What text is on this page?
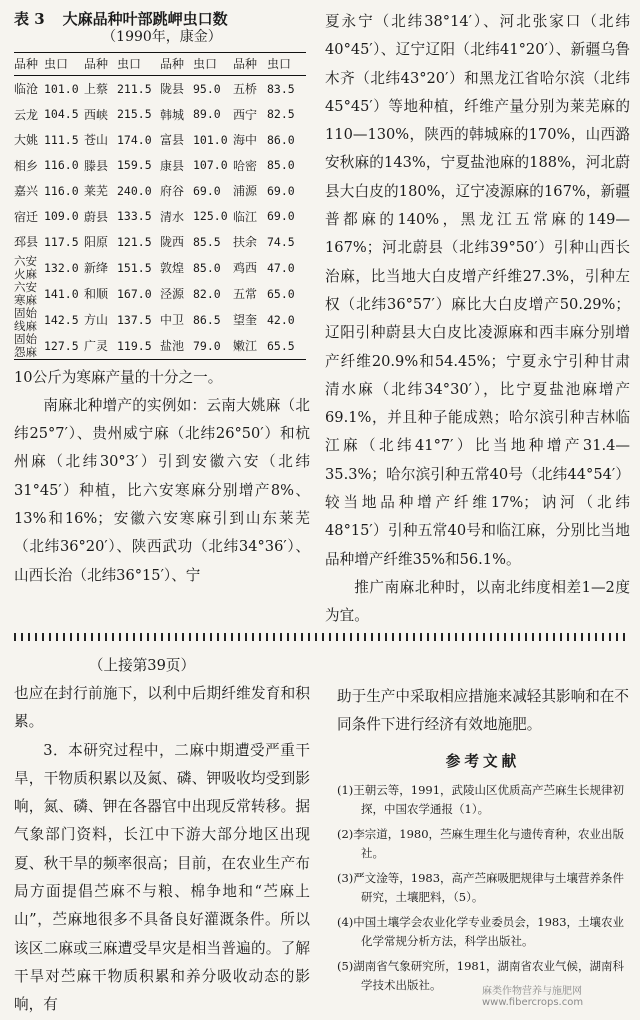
表 3 大麻品种叶部跳岬虫口数
（1990年，康金）
品种	虫口	品种	虫口	品种	虫口	品种	虫口
临沧	101.0	上蔡	211.5	陇县	95.0	五桥	83.5
云龙	104.5	西峡	215.5	韩城	89.0	西宁	82.5
大姚	111.5	苍山	174.0	富县	101.0	海中	86.0
相乡	116.0	滕县	159.5	康县	107.0	哈密	85.0
嘉兴	116.0	莱芜	240.0	府谷	69.0	浦源	69.0
宿迁	109.0	蔚县	133.5	清水	125.0	临江	69.0
邳县	117.5	阳原	121.5	陇西	85.5	扶余	74.5
六安
火麻	132.0	新绛	151.5	敦煌	85.0	鸡西	47.0
六安
寒麻	141.0	和顺	167.0	泾源	82.0	五常	65.0
固始
线麻	142.5	方山	137.5	中卫	86.5	望奎	42.0
固始
怨麻	127.5	广灵	119.5	盐池	79.0	嫩江	65.5

10公斤为寒麻产量的十分之一。

南麻北种增产的实例如：云南大姚麻（北纬25°7′）、贵州威宁麻（北纬26°50′）和杭州麻（北纬30°3′）引到安徽六安（北纬31°45′）种植，比六安寒麻分别增产8%、13%和16%；安徽六安寒麻引到山东莱芜（北纬36°20′）、陕西武功（北纬34°36′）、山西长治（北纬36°15′）、宁

夏永宁（北纬38°14′）、河北张家口（北纬40°45′）、辽宁辽阳（北纬41°20′）、新疆乌鲁木齐（北纬43°20′）和黑龙江省哈尔滨（北纬45°45′）等地种植，纤维产量分别为莱芜麻的110—130%，陕西的韩城麻的170%，山西潞安秋麻的143%，宁夏盐池麻的188%，河北蔚县大白皮的180%，辽宁凌源麻的167%，新疆普都麻的140%，黑龙江五常麻的149—167%；河北蔚县（北纬39°50′）引种山西长治麻，比当地大白皮增产纤维27.3%，引种左权（北纬36°57′）麻比大白皮增产50.29%；辽阳引种蔚县大白皮比凌源麻和西丰麻分别增产纤维20.9%和54.45%；宁夏永宁引种甘肃清水麻（北纬34°30′），比宁夏盐池麻增产69.1%，并且种子能成熟；哈尔滨引种吉林临江麻（北纬41°7′）比当地种增产31.4—35.3%；哈尔滨引种五常40号（北纬44°54′）较当地品种增产纤维17%；讷河（北纬48°15′）引种五常40号和临江麻，分别比当地品种增产纤维35%和56.1%。

推广南麻北种时，以南北纬度相差1—2度为宜。

（上接第39页）

也应在封行前施下，以利中后期纤维发育和积累。

3．本研究过程中，二麻中期遭受严重干旱，干物质积累以及氮、磷、钾吸收均受到影响，氮、磷、钾在各器官中出现反常转移。据气象部门资料，长江中下游大部分地区出现夏、秋干旱的频率很高；目前，在农业生产布局方面提倡苎麻不与粮、棉争地和“苎麻上山”，苎麻地很多不具备良好灌溉条件。所以该区二麻或三麻遭受旱灾是相当普遍的。了解干旱对苎麻干物质积累和养分吸收动态的影响，有

助于生产中采取相应措施来减轻其影响和在不同条件下进行经济有效地施肥。

参考文献

(1)王朝云等，1991，武陵山区优质高产苎麻生长规律初探，中国农学通报（1）。

(2)李宗道，1980，苎麻生理生化与遗传育种，农业出版社。

(3)严文淦等，1983，高产苎麻吸肥规律与土壤营养条件研究，土壤肥料，（5）。

(4)中国土壤学会农业化学专业委员会，1983，土壤农业化学常规分析方法，科学出版社。

(5)湖南省气象研究所，1981，湖南省农业气候，湖南科学技术出版社。	麻类作物营养与施肥网 www.fibercrops.com
